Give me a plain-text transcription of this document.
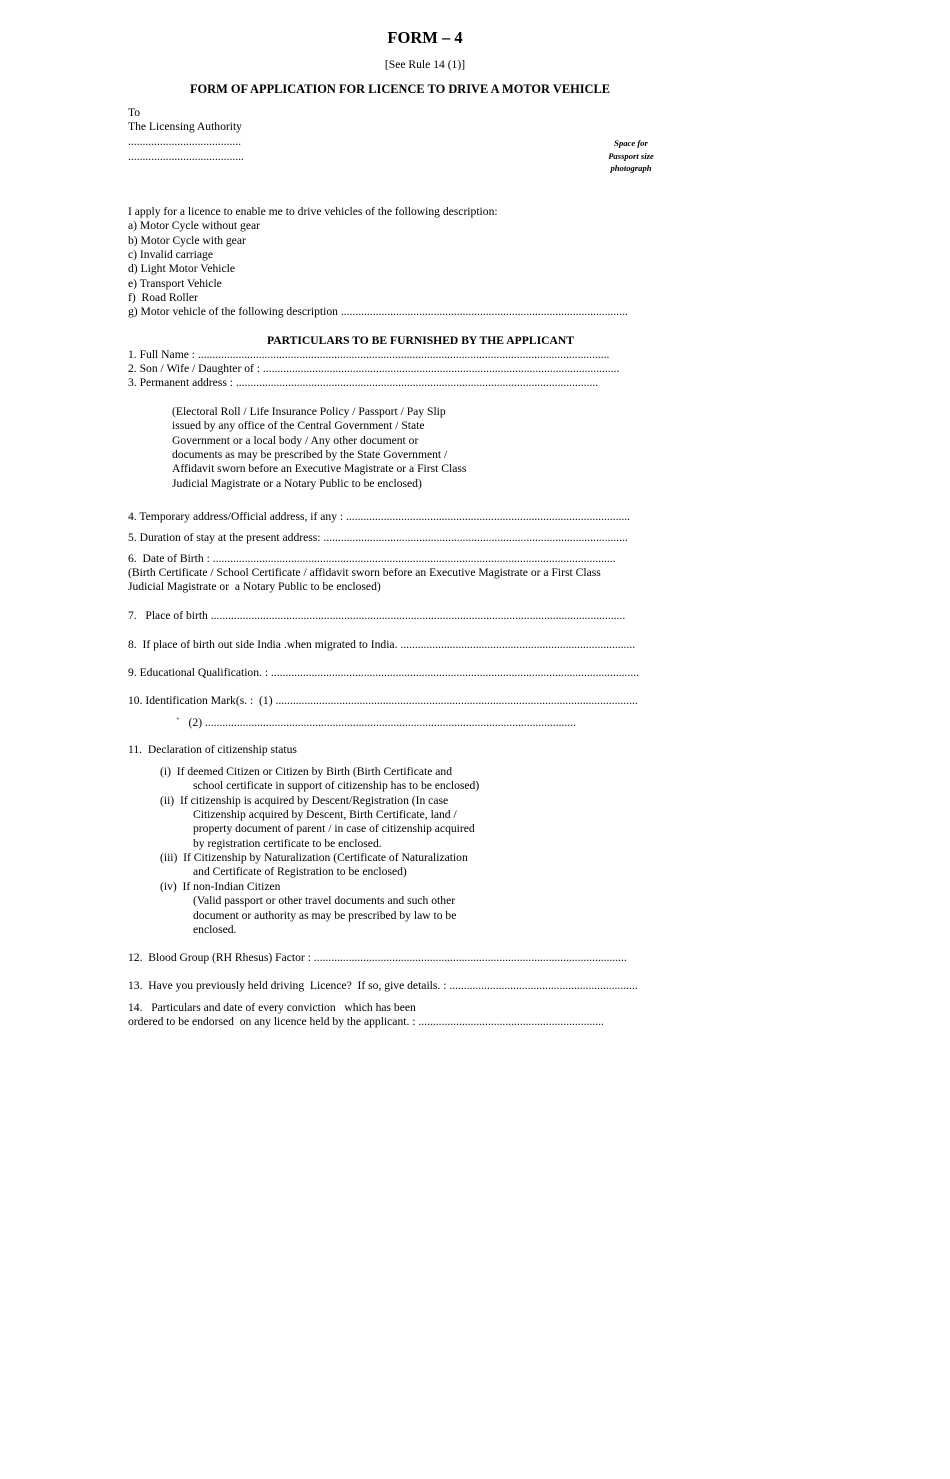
FORM – 4
[See Rule 14 (1)]
FORM OF APPLICATION FOR LICENCE TO DRIVE A MOTOR VEHICLE
To
The Licensing Authority
.......................................
........................................
Space for
Passport size
photograph
I apply for a licence to enable me to drive vehicles of the following description:
a) Motor Cycle without gear
b) Motor Cycle with gear
c) Invalid carriage
d) Light Motor Vehicle
e) Transport Vehicle
f)  Road Roller
g) Motor vehicle of the following description ...................................................................................................
PARTICULARS TO BE FURNISHED BY THE APPLICANT
1. Full Name : ..............................................................................................................................................
2. Son / Wife / Daughter of : ...........................................................................................................................
3. Permanent address : .............................................................................................................................
(Electoral Roll / Life Insurance Policy / Passport / Pay Slip
issued by any office of the Central Government / State
Government or a local body / Any other document or
documents as may be prescribed by the State Government /
Affidavit sworn before an Executive Magistrate or a First Class
Judicial Magistrate or a Notary Public to be enclosed)
4. Temporary address/Official address, if any : ..................................................................................................
5. Duration of stay at the present address: .........................................................................................................
6.  Date of Birth : ...........................................................................................................................................
(Birth Certificate / School Certificate / affidavit sworn before an Executive Magistrate or a First Class
Judicial Magistrate or  a Notary Public to be enclosed)
7.   Place of birth ...............................................................................................................................................
8.  If place of birth out side India .when migrated to India. .................................................................................
9. Educational Qualification. : ...............................................................................................................................
10. Identification Mark(s. :  (1) .............................................................................................................................
`   (2) ................................................................................................................................
11.  Declaration of citizenship status
(i)  If deemed Citizen or Citizen by Birth (Birth Certificate and
school certificate in support of citizenship has to be enclosed)
(ii)  If citizenship is acquired by Descent/Registration (In case
Citizenship acquired by Descent, Birth Certificate, land /
property document of parent / in case of citizenship acquired
by registration certificate to be enclosed.
(iii)  If Citizenship by Naturalization (Certificate of Naturalization
and Certificate of Registration to be enclosed)
(iv)  If non-Indian Citizen
(Valid passport or other travel documents and such other
document or authority as may be prescribed by law to be
enclosed.
12.  Blood Group (RH Rhesus) Factor : ............................................................................................................
13.  Have you previously held driving  Licence?  If so, give details. : .................................................................
14.   Particulars and date of every conviction   which has been
ordered to be endorsed  on any licence held by the applicant. : ................................................................
